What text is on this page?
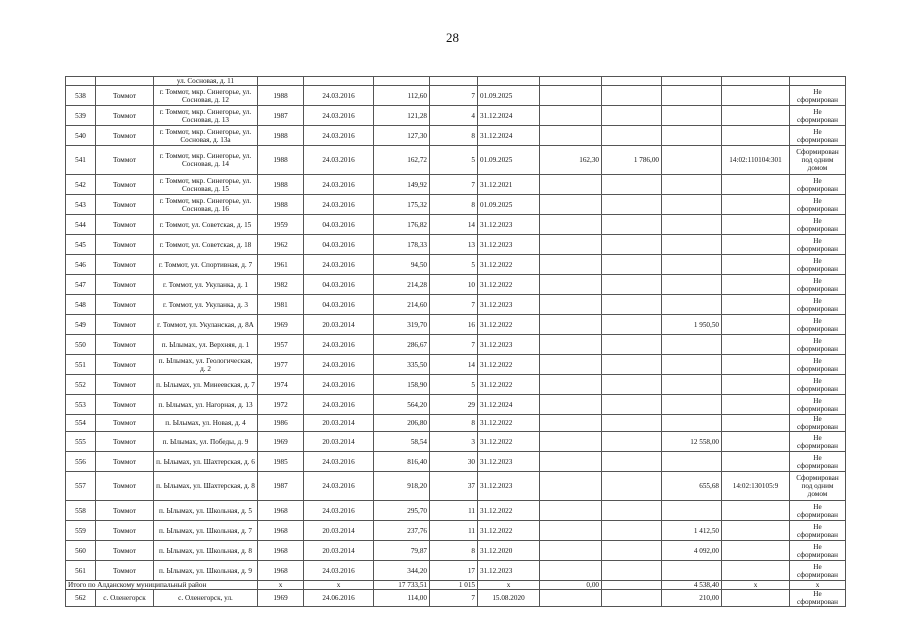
28
		ул. Сосновая, д. 11										
538	Томмот	г. Томмот, мкр. Синегорье, ул. Сосновая, д. 12	1988	24.03.2016	112,60	7	01.09.2025					Не сформирован
539	Томмот	г. Томмот, мкр. Синегорье, ул. Сосновая, д. 13	1987	24.03.2016	121,28	4	31.12.2024					Не сформирован
540	Томмот	г. Томмот, мкр. Синегорье, ул. Сосновая, д. 13а	1988	24.03.2016	127,30	8	31.12.2024					Не сформирован
541	Томмот	г. Томмот, мкр. Синегорье, ул. Сосновая, д. 14	1988	24.03.2016	162,72	5	01.09.2025	162,30	1 786,00		14:02:110104:301	Сформирован под одним домом
542	Томмот	г. Томмот, мкр. Синегорье, ул. Сосновая, д. 15	1988	24.03.2016	149,92	7	31.12.2021					Не сформирован
543	Томмот	г. Томмот, мкр. Синегорье, ул. Сосновая, д. 16	1988	24.03.2016	175,32	8	01.09.2025					Не сформирован
544	Томмот	г. Томмот, ул. Советская, д. 15	1959	04.03.2016	176,82	14	31.12.2023					Не сформирован
545	Томмот	г. Томмот, ул. Советская, д. 18	1962	04.03.2016	178,33	13	31.12.2023					Не сформирован
546	Томмот	г. Томмот, ул. Спортивная, д. 7	1961	24.03.2016	94,50	5	31.12.2022					Не сформирован
547	Томмот	г. Томмот, ул. Укуланка, д. 1	1982	04.03.2016	214,28	10	31.12.2022					Не сформирован
548	Томмот	г. Томмот, ул. Укуланка, д. 3	1981	04.03.2016	214,60	7	31.12.2023					Не сформирован
549	Томмот	г. Томмот, ул. Укуланская, д. 8А	1969	20.03.2014	319,70	16	31.12.2022			1 950,50		Не сформирован
550	Томмот	п. Ылымах, ул. Верхняя, д. 1	1957	24.03.2016	286,67	7	31.12.2023					Не сформирован
551	Томмот	п. Ылымах, ул. Геологическая, д. 2	1977	24.03.2016	335,50	14	31.12.2022					Не сформирован
552	Томмот	п. Ылымах, ул. Минеевская, д. 7	1974	24.03.2016	158,90	5	31.12.2022					Не сформирован
553	Томмот	п. Ылымах, ул. Нагорная, д. 13	1972	24.03.2016	564,20	29	31.12.2024					Не сформирован
554	Томмот	п. Ылымах, ул. Новая, д. 4	1986	20.03.2014	206,80	8	31.12.2022					Не сформирован
555	Томмот	п. Ылымах, ул. Победы, д. 9	1969	20.03.2014	58,54	3	31.12.2022			12 558,00		Не сформирован
556	Томмот	п. Ылымах, ул. Шахтерская, д. 6	1985	24.03.2016	816,40	30	31.12.2023					Не сформирован
557	Томмот	п. Ылымах, ул. Шахтерская, д. 8	1987	24.03.2016	918,20	37	31.12.2023			655,68	14:02:130105:9	Сформирован под одним домом
558	Томмот	п. Ылымах, ул. Школьная, д. 5	1968	24.03.2016	295,70	11	31.12.2022					Не сформирован
559	Томмот	п. Ылымах, ул. Школьная, д. 7	1968	20.03.2014	237,76	11	31.12.2022			1 412,50		Не сформирован
560	Томмот	п. Ылымах, ул. Школьная, д. 8	1968	20.03.2014	79,87	8	31.12.2020			4 092,00		Не сформирован
561	Томмот	п. Ылымах, ул. Школьная, д. 9	1968	24.03.2016	344,20	17	31.12.2023					Не сформирован
Итого по Алданскому муниципальный район			х	х	17 733,51	1 015	х	0,00		4 538,40	х	х
562	с. Оленегорск	с. Оленегорск, ул.	1969	24.06.2016	114,00	7	15.08.2020			210,00		Не сформирован
